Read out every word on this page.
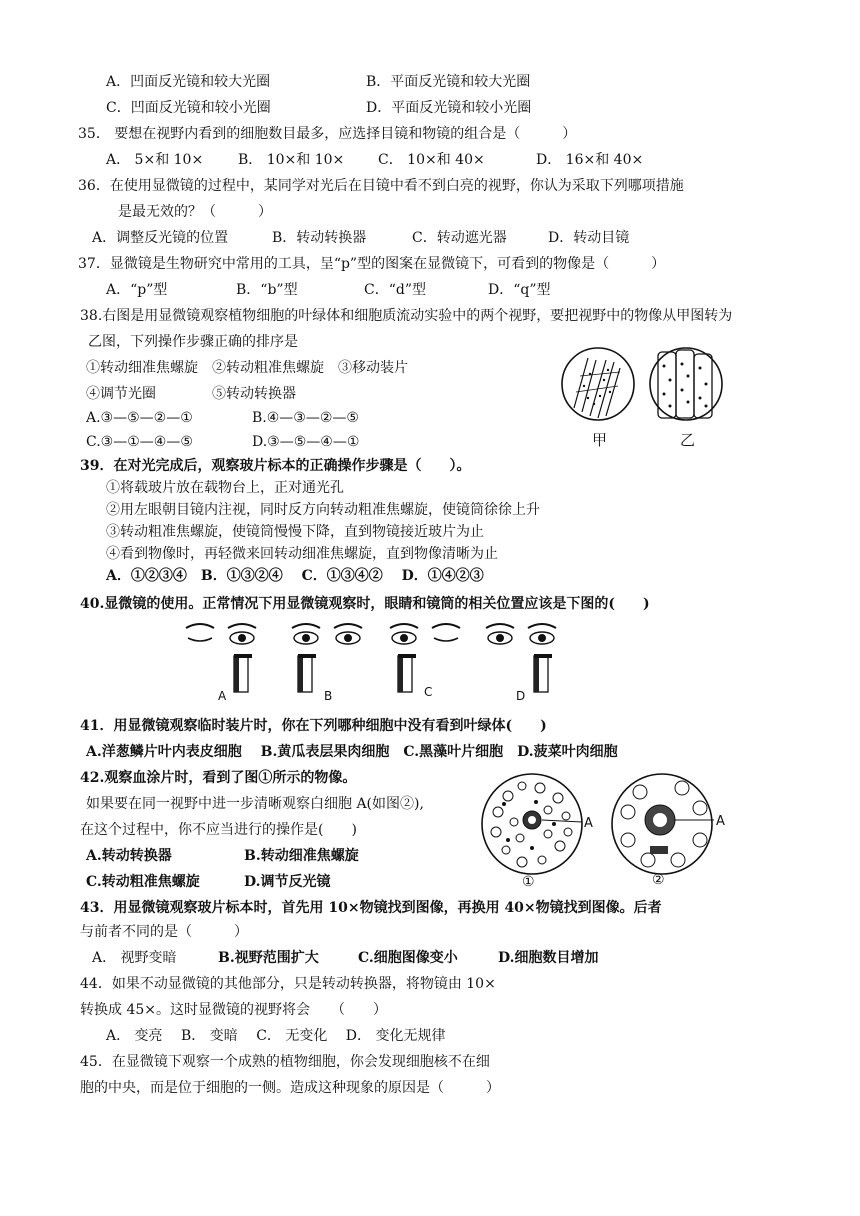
A．凹面反光镜和较大光圈	B．平面反光镜和较大光圈
C．凹面反光镜和较小光圈	D．平面反光镜和较小光圈
35． 要想在视野内看到的细胞数目最多，应选择目镜和物镜的组合是（　　　）
A． 5×和 10× B． 10×和 10× C． 10×和 40×	D． 16×和 40×
36．在使用显微镜的过程中，某同学对光后在目镜中看不到白亮的视野，你认为采取下列哪项措施
是最无效的？（　　　）
A．调整反光镜的位置	B．转动转换器	C．转动遮光器	D．转动目镜
37．显微镜是生物研究中常用的工具，呈“p”型的图案在显微镜下，可看到的物像是（　　　）
A．“p”型	B．“b”型	C．“d”型	D．“q”型
38.右图是用显微镜观察植物细胞的叶绿体和细胞质流动实验中的两个视野，要把视野中的物像从甲图转为
乙图，下列操作步骤正确的排序是
①转动细准焦螺旋　②转动粗准焦螺旋　③移动装片
④调节光圈　　　　⑤转动转换器
A.③—⑤—②—①	B.④—③—②—⑤
C.③—①—④—⑤	D.③—⑤—④—①	甲	乙
39．在对光完成后，观察玻片标本的正确操作步骤是（　　）。
①将载玻片放在载物台上，正对通光孔
②用左眼朝目镜内注视，同时反方向转动粗准焦螺旋，使镜筒徐徐上升
③转动粗准焦螺旋，使镜筒慢慢下降，直到物镜接近玻片为止
④看到物像时，再轻微来回转动细准焦螺旋，直到物像清晰为止
A．①②③④　B．①③②④　 C．①③④②　 D．①④②③
40.显微镜的使用。正常情况下用显微镜观察时，眼睛和镜筒的相关位置应该是下图的(　　)
A	B	C	D
41．用显微镜观察临时装片时，你在下列哪种细胞中没有看到叶绿体(　　)
A.洋葱鳞片叶内表皮细胞　 B.黄瓜表层果肉细胞　C.黑藻叶片细胞　D.菠菜叶肉细胞
42.观察血涂片时，看到了图①所示的物像。
如果要在同一视野中进一步清晰观察白细胞 A(如图②),
在这个过程中，你不应当进行的操作是(　　)
A.转动转换器	B.转动细准焦螺旋
C.转动粗准焦螺旋	D.调节反光镜
A	A
①	②
43．用显微镜观察玻片标本时，首先用 10×物镜找到图像，再换用 40×物镜找到图像。后者
与前者不同的是（　　　）
A． 视野变暗	B.视野范围扩大	C.细胞图像变小	D.细胞数目增加
44．如果不动显微镜的其他部分，只是转动转换器，将物镜由 10×
转换成 45×。这时显微镜的视野将会　　（　　）
A． 变亮　 B． 变暗　 C． 无变化　 D． 变化无规律
45．在显微镜下观察一个成熟的植物细胞，你会发现细胞核不在细
胞的中央，而是位于细胞的一侧。造成这种现象的原因是（　　　）
